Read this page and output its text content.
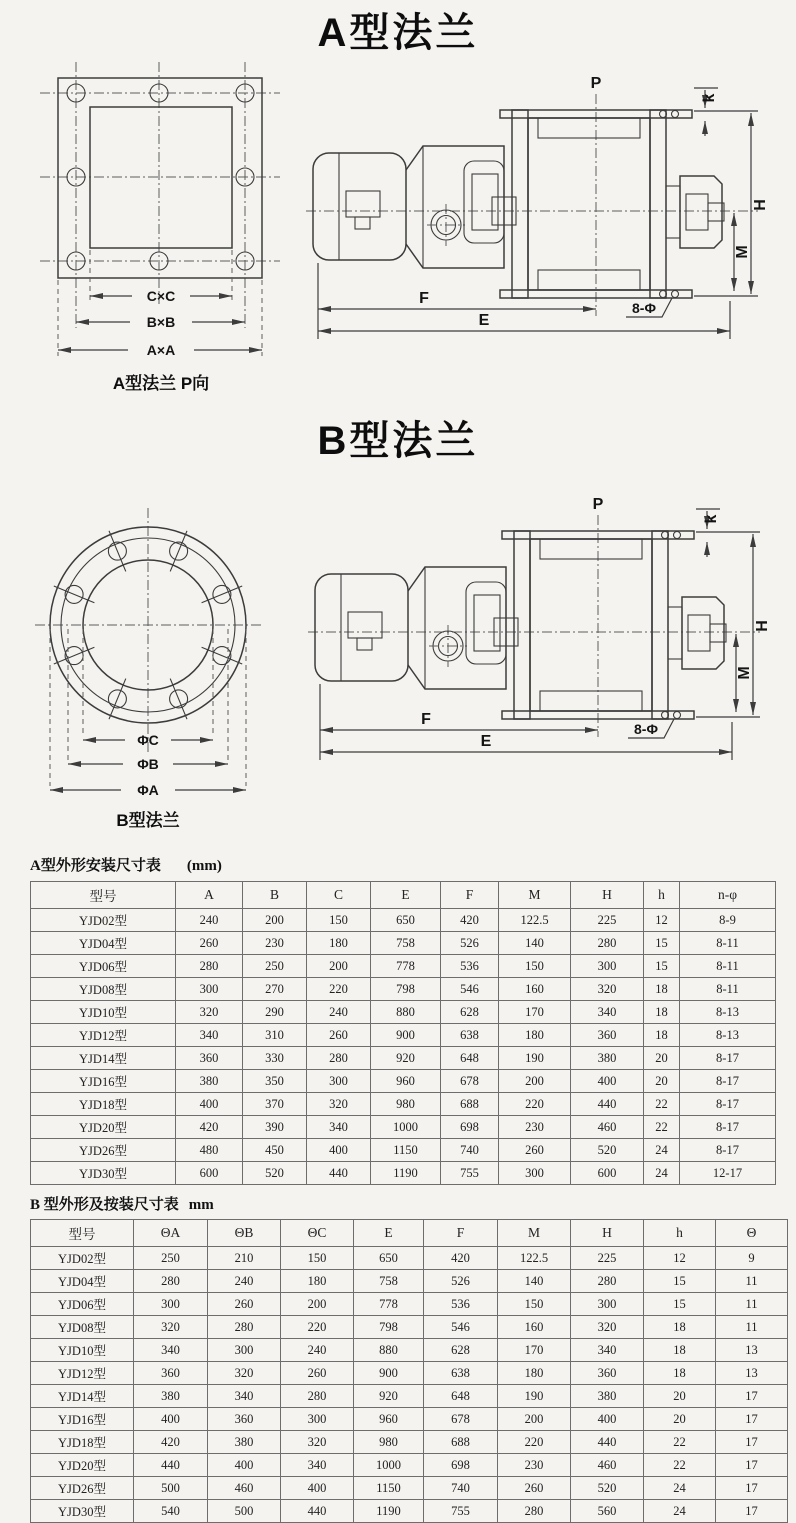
A型法兰
C×C
B×B
A×A
A型法兰 P向
P
k
H
M
F
E
8-Φ
B型法兰
ΦC
ΦB
ΦA
B型法兰
P
k
H
M
F
E
8-Φ
A型外形安装尺寸表 (mm)
型号	A	B	C	E	F	M	H	h	n-φ
YJD02型	240	200	150	650	420	122.5	225	12	8-9
YJD04型	260	230	180	758	526	140	280	15	8-11
YJD06型	280	250	200	778	536	150	300	15	8-11
YJD08型	300	270	220	798	546	160	320	18	8-11
YJD10型	320	290	240	880	628	170	340	18	8-13
YJD12型	340	310	260	900	638	180	360	18	8-13
YJD14型	360	330	280	920	648	190	380	20	8-17
YJD16型	380	350	300	960	678	200	400	20	8-17
YJD18型	400	370	320	980	688	220	440	22	8-17
YJD20型	420	390	340	1000	698	230	460	22	8-17
YJD26型	480	450	400	1150	740	260	520	24	8-17
YJD30型	600	520	440	1190	755	300	600	24	12-17
B 型外形及按装尺寸表 mm
型号	ΘA	ΘB	ΘC	E	F	M	H	h	Θ
YJD02型	250	210	150	650	420	122.5	225	12	9
YJD04型	280	240	180	758	526	140	280	15	11
YJD06型	300	260	200	778	536	150	300	15	11
YJD08型	320	280	220	798	546	160	320	18	11
YJD10型	340	300	240	880	628	170	340	18	13
YJD12型	360	320	260	900	638	180	360	18	13
YJD14型	380	340	280	920	648	190	380	20	17
YJD16型	400	360	300	960	678	200	400	20	17
YJD18型	420	380	320	980	688	220	440	22	17
YJD20型	440	400	340	1000	698	230	460	22	17
YJD26型	500	460	400	1150	740	260	520	24	17
YJD30型	540	500	440	1190	755	280	560	24	17
